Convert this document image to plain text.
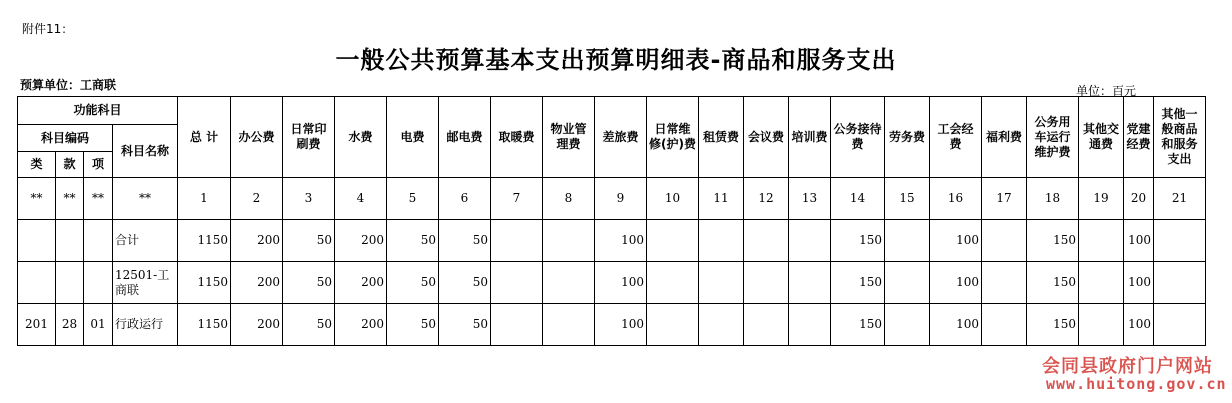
附件11：
一般公共预算基本支出预算明细表-商品和服务支出
预算单位：工商联	单位：百元
功能科目				总 计	办公费	日常印刷费	水费	电费	邮电费	取暖费	物业管理费	差旅费	日常维修(护)费	租赁费	会议费	培训费	公务接待费	劳务费	工会经费	福利费	公务用车运行维护费	其他交通费	党建经费	其他一般商品和服务支出
科目编码			科目名称																					
类	款	项																						
**	**	**	**	1	2	3	4	5	6	7	8	9	10	11	12	13	14	15	16	17	18	19	20	21
			合计	1150	200	50	200	50	50			100					150		100		150		100	
			12501-工商联	1150	200	50	200	50	50			100					150		100		150		100	
201	28	01	行政运行	1150	200	50	200	50	50			100					150		100		150		100	
会同县政府门户网站
www.huitong.gov.cn
